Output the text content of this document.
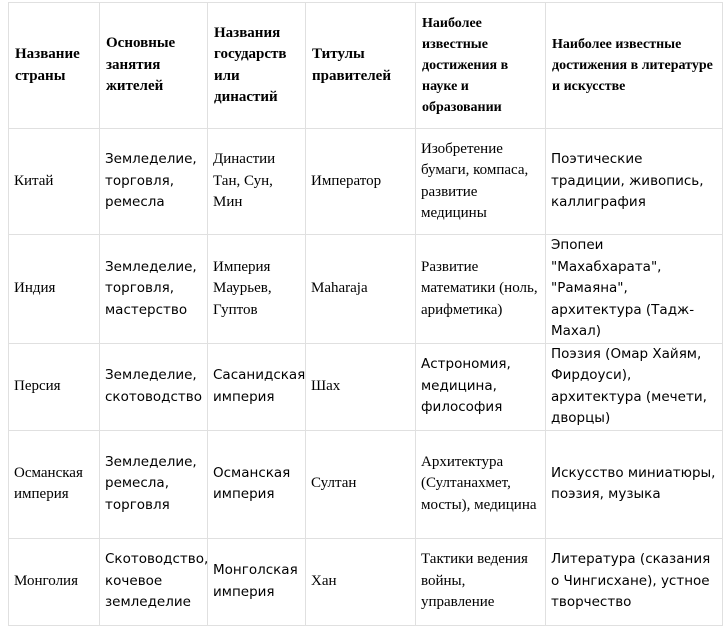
Название страны	Основные занятия жителей	Названия государств или династий	Титулы правителей	Наиболее известные достижения в науке и образовании	Наиболее известные достижения в литературе и искусстве
Китай	Земледелие, торговля, ремесла	Династии Тан, Сун, Мин	Император	Изобретение бумаги, компаса, развитие медицины	Поэтические традиции, живопись, каллиграфия
Индия	Земледелие, торговля, мастерство	Империя Маурьев, Гуптов	Maharaja	Развитие математики (ноль, арифметика)	Эпопеи "Махабхарата", "Рамаяна", архитектура (Тадж-Махал)
Персия	Земледелие, скотоводство	Сасанидская империя	Шах	Астрономия, медицина, философия	Поэзия (Омар Хайям, Фирдоуси), архитектура (мечети, дворцы)
Османская империя	Земледелие, ремесла, торговля	Османская империя	Султан	Архитектура (Султанахмет, мосты), медицина	Искусство миниатюры, поэзия, музыка
Монголия	Скотоводство, кочевое земледелие	Монголская империя	Хан	Тактики ведения войны, управление	Литература (сказания о Чингисхане), устное творчество
